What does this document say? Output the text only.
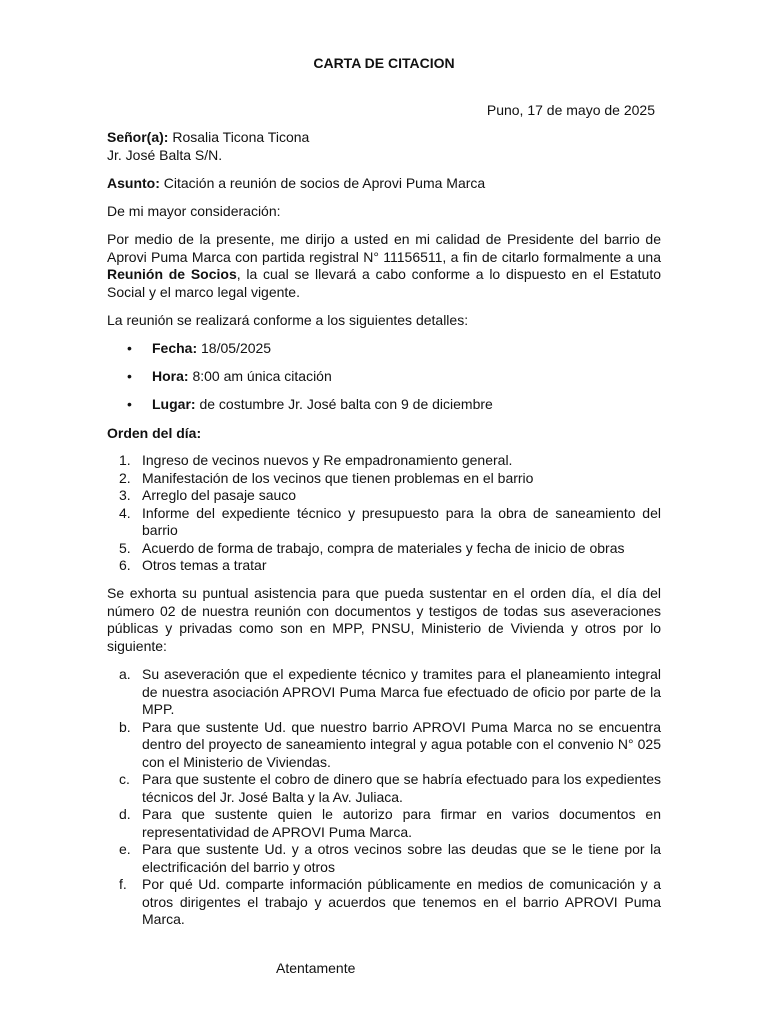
CARTA DE CITACION
Puno, 17 de mayo de 2025

Señor(a): Rosalia Ticona Ticona

Jr. José Balta S/N.

Asunto: Citación a reunión de socios de Aprovi Puma Marca

De mi mayor consideración:

Por medio de la presente, me dirijo a usted en mi calidad de Presidente del barrio de Aprovi Puma Marca con partida registral N° 11156511, a fin de citarlo formalmente a una Reunión de Socios, la cual se llevará a cabo conforme a lo dispuesto en el Estatuto Social y el marco legal vigente.

La reunión se realizará conforme a los siguientes detalles:

• Fecha: 18/05/2025
• Hora: 8:00 am única citación
• Lugar: de costumbre Jr. José balta con 9 de diciembre

Orden del día:

1. Ingreso de vecinos nuevos y Re empadronamiento general.
2. Manifestación de los vecinos que tienen problemas en el barrio
3. Arreglo del pasaje sauco
4. Informe del expediente técnico y presupuesto para la obra de saneamiento del barrio
5. Acuerdo de forma de trabajo, compra de materiales y fecha de inicio de obras
6. Otros temas a tratar

Se exhorta su puntual asistencia para que pueda sustentar en el orden día, el día del número 02 de nuestra reunión con documentos y testigos de todas sus aseveraciones públicas y privadas como son en MPP, PNSU, Ministerio de Vivienda y otros por lo siguiente:

a. Su aseveración que el expediente técnico y tramites para el planeamiento integral de nuestra asociación APROVI Puma Marca fue efectuado de oficio por parte de la MPP.
b. Para que sustente Ud. que nuestro barrio APROVI Puma Marca no se encuentra dentro del proyecto de saneamiento integral y agua potable con el convenio N° 025 con el Ministerio de Viviendas.
c. Para que sustente el cobro de dinero que se habría efectuado para los expedientes técnicos del Jr. José Balta y la Av. Juliaca.
d. Para que sustente quien le autorizo para firmar en varios documentos en representatividad de APROVI Puma Marca.
e. Para que sustente Ud. y a otros vecinos sobre las deudas que se le tiene por la electrificación del barrio y otros
f. Por qué Ud. comparte información públicamente en medios de comunicación y a otros dirigentes el trabajo y acuerdos que tenemos en el barrio APROVI Puma Marca.
Atentamente
